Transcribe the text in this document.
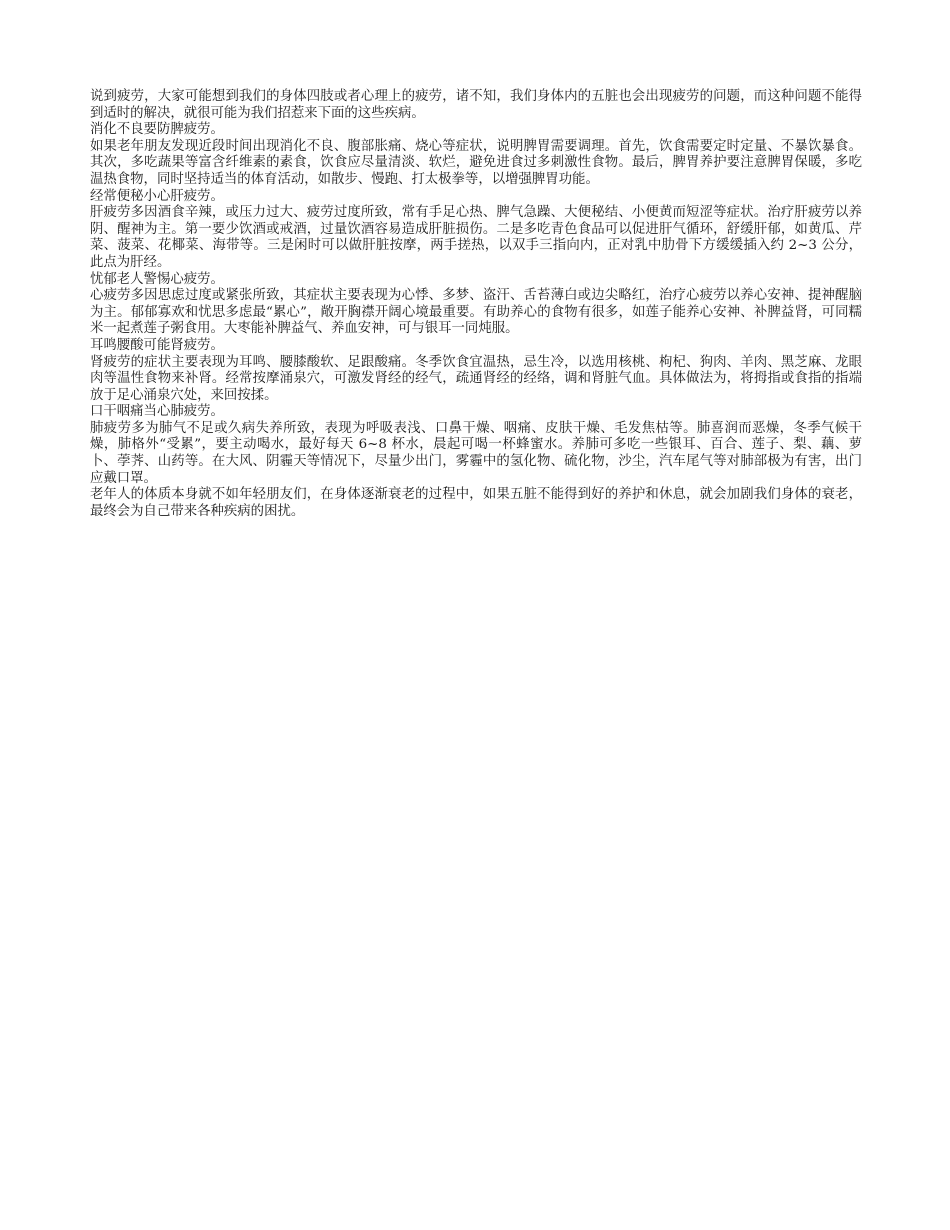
说到疲劳，大家可能想到我们的身体四肢或者心理上的疲劳，诸不知，我们身体内的五脏也会出现疲劳的问题，而这种问题不能得到适时的解决，就很可能为我们招惹来下面的这些疾病。

消化不良要防脾疲劳。

如果老年朋友发现近段时间出现消化不良、腹部胀痛、烧心等症状，说明脾胃需要调理。首先，饮食需要定时定量、不暴饮暴食。其次，多吃蔬果等富含纤维素的素食，饮食应尽量清淡、软烂，避免进食过多刺激性食物。最后，脾胃养护要注意脾胃保暖，多吃温热食物，同时坚持适当的体育活动，如散步、慢跑、打太极拳等，以增强脾胃功能。

经常便秘小心肝疲劳。

肝疲劳多因酒食辛辣，或压力过大、疲劳过度所致，常有手足心热、脾气急躁、大便秘结、小便黄而短涩等症状。治疗肝疲劳以养阴、醒神为主。第一要少饮酒或戒酒，过量饮酒容易造成肝脏损伤。二是多吃青色食品可以促进肝气循环，舒缓肝郁，如黄瓜、芹菜、菠菜、花椰菜、海带等。三是闲时可以做肝脏按摩，两手搓热，以双手三指向内，正对乳中肋骨下方缓缓插入约 2~3 公分，此点为肝经。

忧郁老人警惕心疲劳。

心疲劳多因思虑过度或紧张所致，其症状主要表现为心悸、多梦、盗汗、舌苔薄白或边尖略红，治疗心疲劳以养心安神、提神醒脑为主。郁郁寡欢和忧思多虑最“累心”，敞开胸襟开阔心境最重要。有助养心的食物有很多，如莲子能养心安神、补脾益肾，可同糯米一起煮莲子粥食用。大枣能补脾益气、养血安神，可与银耳一同炖服。

耳鸣腰酸可能肾疲劳。

肾疲劳的症状主要表现为耳鸣、腰膝酸软、足跟酸痛。冬季饮食宜温热，忌生冷，以选用核桃、枸杞、狗肉、羊肉、黑芝麻、龙眼肉等温性食物来补肾。经常按摩涌泉穴，可激发肾经的经气，疏通肾经的经络，调和肾脏气血。具体做法为，将拇指或食指的指端放于足心涌泉穴处，来回按揉。

口干咽痛当心肺疲劳。

肺疲劳多为肺气不足或久病失养所致，表现为呼吸表浅、口鼻干燥、咽痛、皮肤干燥、毛发焦枯等。肺喜润而恶燥，冬季气候干燥，肺格外“受累”，要主动喝水，最好每天 6~8 杯水，晨起可喝一杯蜂蜜水。养肺可多吃一些银耳、百合、莲子、梨、藕、萝卜、荸荠、山药等。在大风、阴霾天等情况下，尽量少出门，雾霾中的氢化物、硫化物，沙尘，汽车尾气等对肺部极为有害，出门应戴口罩。

老年人的体质本身就不如年轻朋友们，在身体逐渐衰老的过程中，如果五脏不能得到好的养护和休息，就会加剧我们身体的衰老，最终会为自己带来各种疾病的困扰。
